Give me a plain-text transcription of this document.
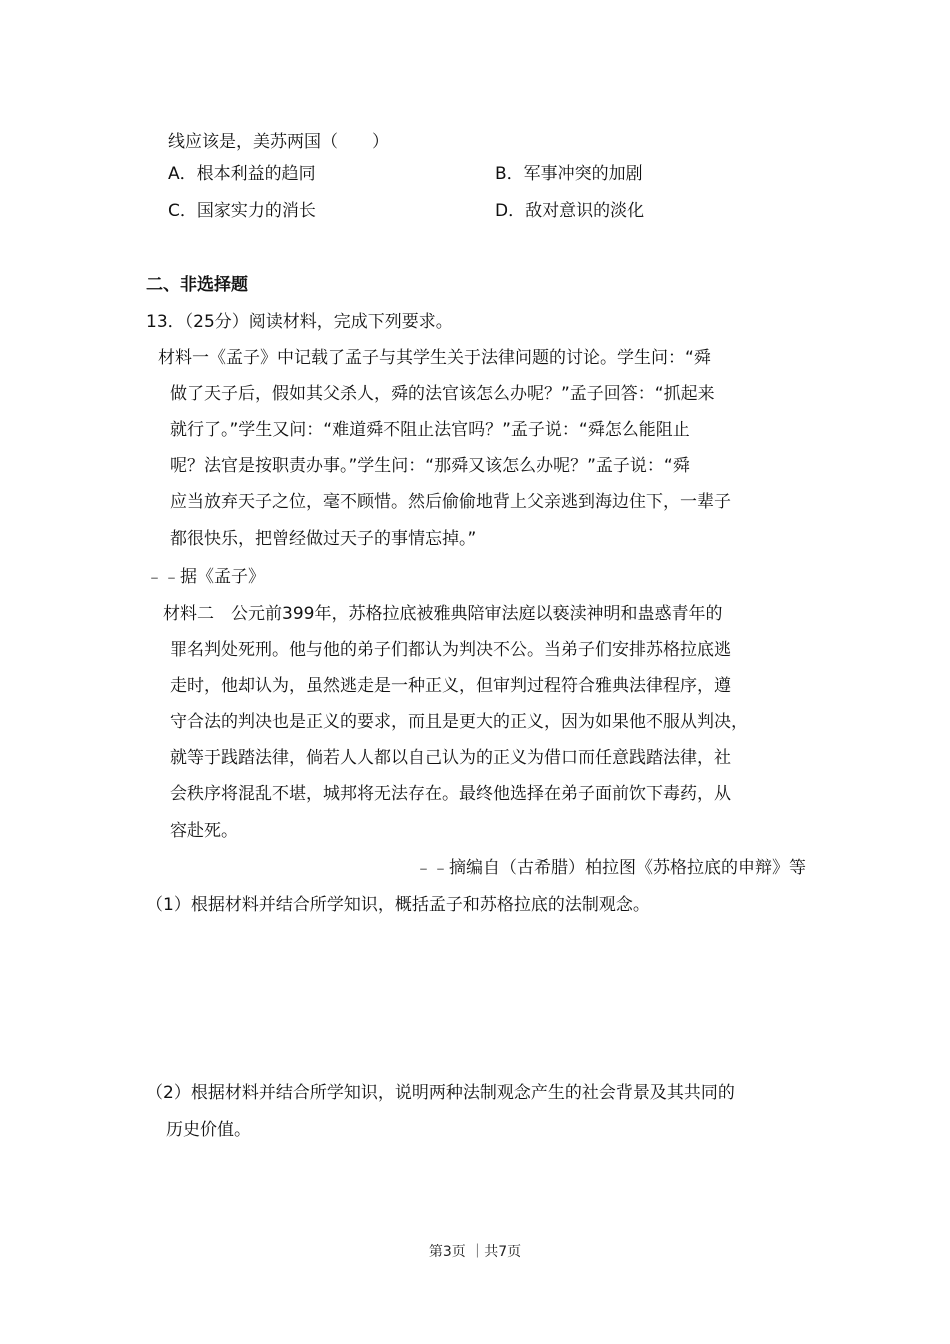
线应该是，美苏两国（　　）
A．根本利益的趋同	B．军事冲突的加剧
C．国家实力的消长	D．敌对意识的淡化
二、非选择题
13．（25分）阅读材料，完成下列要求。
材料一《孟子》中记载了孟子与其学生关于法律问题的讨论。学生问：“舜
做了天子后，假如其父杀人，舜的法官该怎么办呢？”孟子回答：“抓起来
就行了。”学生又问：“难道舜不阻止法官吗？”孟子说：“舜怎么能阻止
呢？法官是按职责办事。”学生问：“那舜又该怎么办呢？”孟子说：“舜
应当放弃天子之位，毫不顾惜。然后偷偷地背上父亲逃到海边住下，一辈子
都很快乐，把曾经做过天子的事情忘掉。”
﹣﹣据《孟子》
材料二　公元前399年，苏格拉底被雅典陪审法庭以亵渎神明和蛊惑青年的
罪名判处死刑。他与他的弟子们都认为判决不公。当弟子们安排苏格拉底逃
走时，他却认为，虽然逃走是一种正义，但审判过程符合雅典法律程序，遵
守合法的判决也是正义的要求，而且是更大的正义，因为如果他不服从判决，
就等于践踏法律，倘若人人都以自己认为的正义为借口而任意践踏法律，社
会秩序将混乱不堪，城邦将无法存在。最终他选择在弟子面前饮下毒药，从
容赴死。
﹣﹣摘编自（古希腊）柏拉图《苏格拉底的申辩》等
（1）根据材料并结合所学知识，概括孟子和苏格拉底的法制观念。
（2）根据材料并结合所学知识，说明两种法制观念产生的社会背景及其共同的
历史价值。
第3页 ｜共7页
